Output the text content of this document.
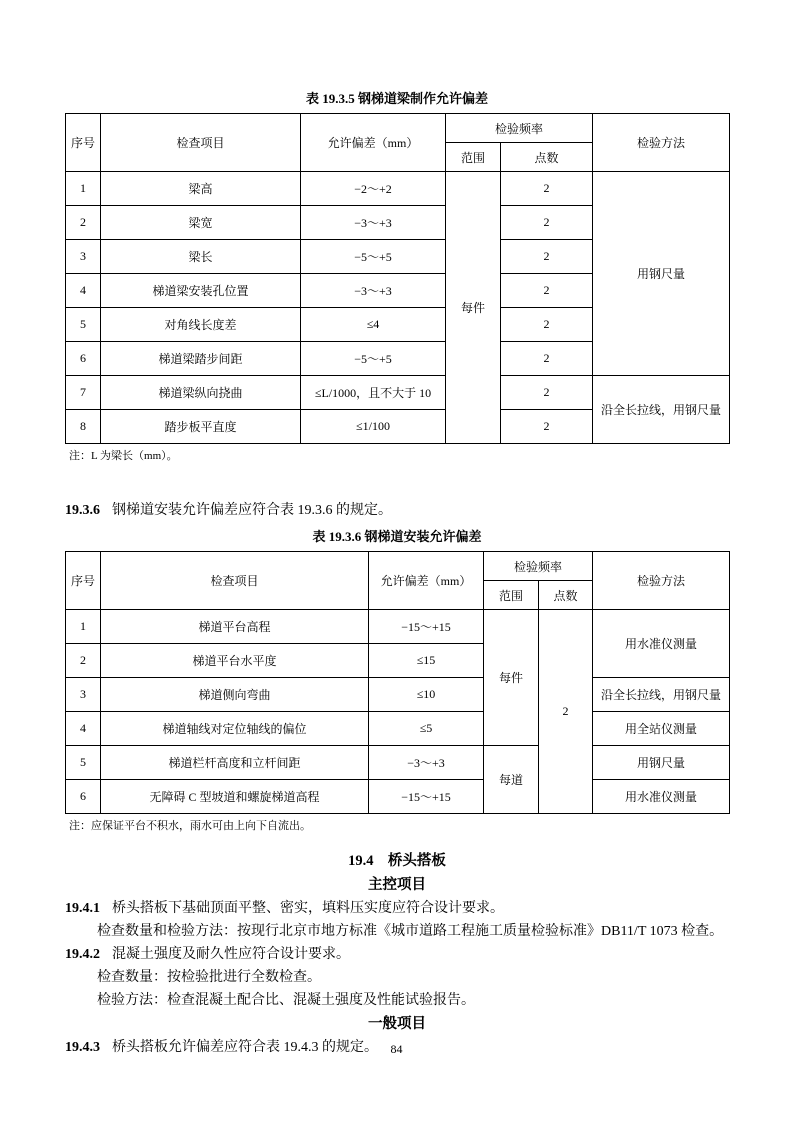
表 19.3.5 钢梯道梁制作允许偏差
序号	检查项目	允许偏差（mm）	检验频率		检验方法
			范围	点数	
1	梁高	−2～+2	每件	2	用钢尺量
2	梁宽	−3～+3		2	
3	梁长	−5～+5		2	
4	梯道梁安装孔位置	−3～+3		2	
5	对角线长度差	≤4		2	
6	梯道梁踏步间距	−5～+5		2	
7	梯道梁纵向挠曲	≤L/1000，且不大于 10		2	沿全长拉线，用钢尺量
8	踏步板平直度	≤1/100		2	
注：L 为梁长（mm）。

19.3.6 钢梯道安装允许偏差应符合表 19.3.6 的规定。

表 19.3.6 钢梯道安装允许偏差
序号	检查项目	允许偏差（mm）	检验频率		检验方法
			范围	点数	
1	梯道平台高程	−15～+15	每件	2	用水准仪测量
2	梯道平台水平度	≤15			
3	梯道侧向弯曲	≤10			沿全长拉线，用钢尺量
4	梯道轴线对定位轴线的偏位	≤5			用全站仪测量
5	梯道栏杆高度和立杆间距	−3～+3	每道		用钢尺量
6	无障碍 C 型坡道和螺旋梯道高程	−15～+15			用水准仪测量
注：应保证平台不积水，雨水可由上向下自流出。
19.4　桥头搭板
主控项目

19.4.1 桥头搭板下基础顶面平整、密实，填料压实度应符合设计要求。

检查数量和检验方法：按现行北京市地方标准《城市道路工程施工质量检验标准》DB11/T 1073 检查。

19.4.2 混凝土强度及耐久性应符合设计要求。

检查数量：按检验批进行全数检查。

检验方法：检查混凝土配合比、混凝土强度及性能试验报告。

一般项目

19.4.3 桥头搭板允许偏差应符合表 19.4.3 的规定。	84
